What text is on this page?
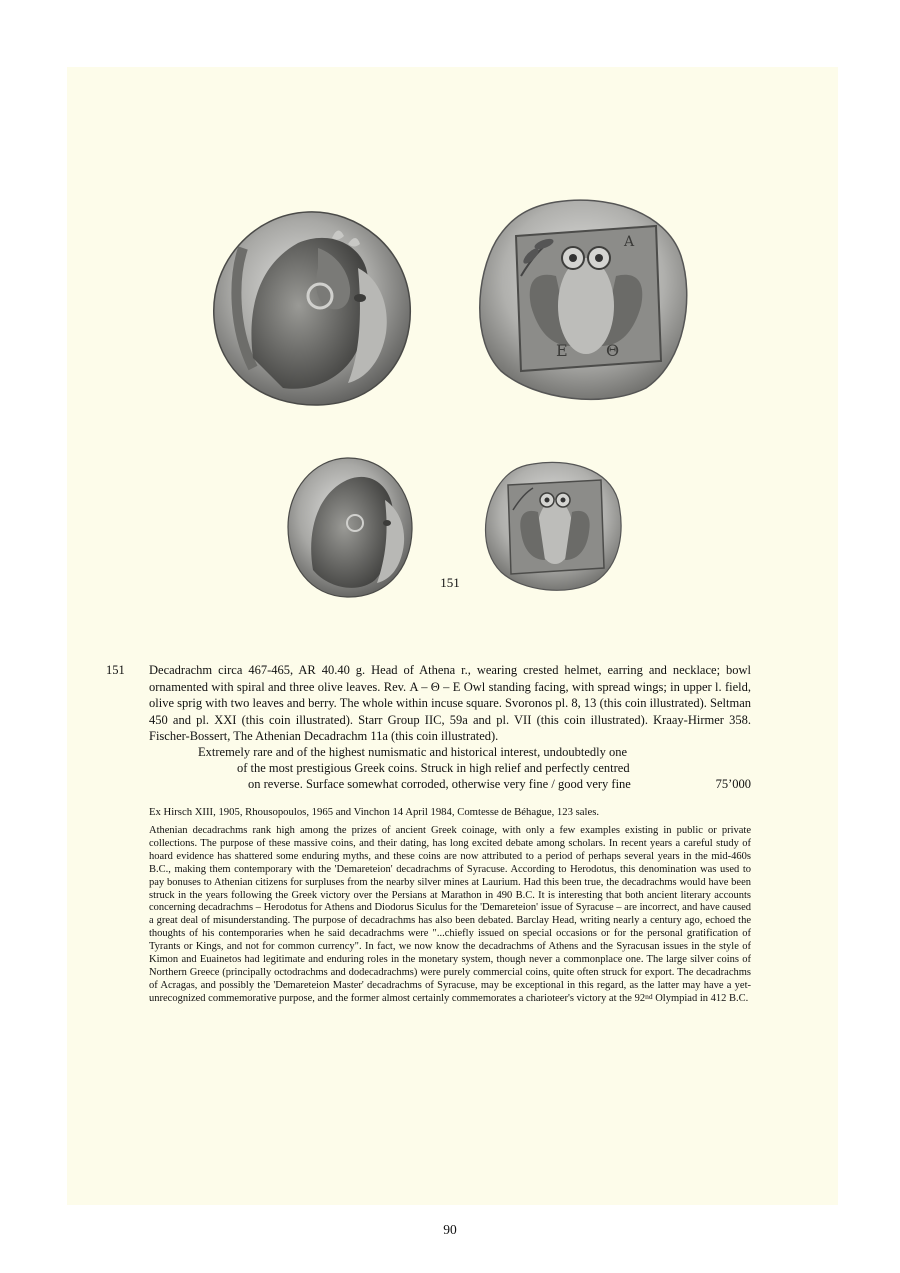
A
Θ
Ε
151
151 Decadrachm circa 467-465, AR 40.40 g. Head of Athena r., wearing crested helmet, earring and necklace; bowl ornamented with spiral and three olive leaves. Rev. Α – Θ – Ε Owl standing facing, with spread wings; in upper l. field, olive sprig with two leaves and berry. The whole within incuse square. Svoronos pl. 8, 13 (this coin illustrated). Seltman 450 and pl. XXI (this coin illustrated). Starr Group IIC, 59a and pl. VII (this coin illustrated). Kraay-Hirmer 358. Fischer-Bossert, The Athenian Decadrachm 11a (this coin illustrated).
Extremely rare and of the highest numismatic and historical interest, undoubtedly one
of the most prestigious Greek coins. Struck in high relief and perfectly centred
on reverse. Surface somewhat corroded, otherwise very fine / good very fine	75’000
Ex Hirsch XIII, 1905, Rhousopoulos, 1965 and Vinchon 14 April 1984, Comtesse de Béhague, 123 sales.
Athenian decadrachms rank high among the prizes of ancient Greek coinage, with only a few examples existing in public or private collections. The purpose of these massive coins, and their dating, has long excited debate among scholars. In recent years a careful study of hoard evidence has shattered some enduring myths, and these coins are now attributed to a period of perhaps several years in the mid-460s B.C., making them contemporary with the 'Demareteion' decadrachms of Syracuse. According to Herodotus, this denomination was used to pay bonuses to Athenian citizens for surpluses from the nearby silver mines at Laurium. Had this been true, the decadrachms would have been struck in the years following the Greek victory over the Persians at Marathon in 490 B.C. It is interesting that both ancient literary accounts concerning decadrachms – Herodotus for Athens and Diodorus Siculus for the 'Demareteion' issue of Syracuse – are incorrect, and have caused a great deal of misunderstanding. The purpose of decadrachms has also been debated. Barclay Head, writing nearly a century ago, echoed the thoughts of his contemporaries when he said decadrachms were "...chiefly issued on special occasions or for the personal gratification of Tyrants or Kings, and not for common currency". In fact, we now know the decadrachms of Athens and the Syracusan issues in the style of Kimon and Euainetos had legitimate and enduring roles in the monetary system, though never a commonplace one. The large silver coins of Northern Greece (principally octodrachms and dodecadrachms) were purely commercial coins, quite often struck for export. The decadrachms of Acragas, and possibly the 'Demareteion Master' decadrachms of Syracuse, may be exceptional in this regard, as the latter may have a yet-unrecognized commemorative purpose, and the former almost certainly commemorates a charioteer's victory at the 92nd Olympiad in 412 B.C.
90
